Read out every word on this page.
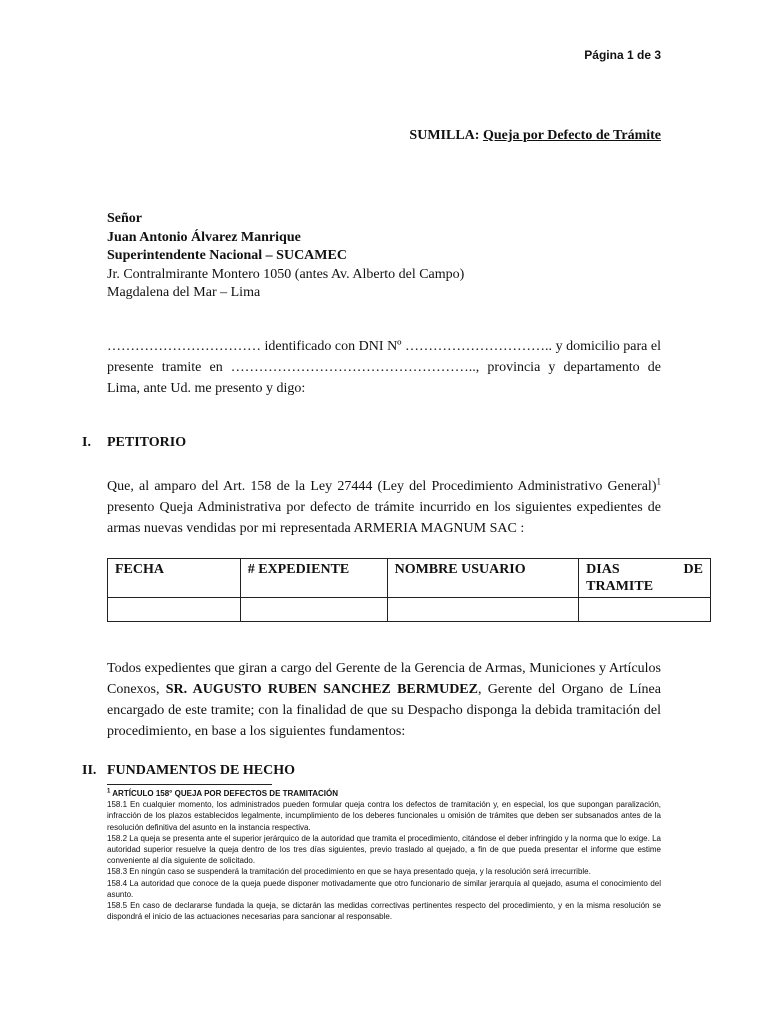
Página 1 de 3
SUMILLA: Queja por Defecto de Trámite
Señor
Juan Antonio Álvarez Manrique
Superintendente Nacional – SUCAMEC
Jr. Contralmirante Montero 1050 (antes Av. Alberto del Campo)
Magdalena del Mar – Lima
…………………………… identificado con DNI Nº ………………………….. y domicilio para el presente tramite en …………………………………………….., provincia y departamento de Lima, ante Ud. me presento y digo:
I. PETITORIO
Que, al amparo del Art. 158 de la Ley 27444 (Ley del Procedimiento Administrativo General)$^1$ presento Queja Administrativa por defecto de trámite incurrido en los siguientes expedientes de armas nuevas vendidas por mi representada ARMERIA MAGNUM SAC :
FECHA	# EXPEDIENTE	NOMBRE USUARIO	DIAS DE
TRAMITE

Todos expedientes que giran a cargo del Gerente de la Gerencia de Armas, Municiones y Artículos Conexos, SR. AUGUSTO RUBEN SANCHEZ BERMUDEZ, Gerente del Organo de Línea encargado de este tramite; con la finalidad de que su Despacho disponga la debida tramitación del procedimiento, en base a los siguientes fundamentos:
II. FUNDAMENTOS DE HECHO

$^1$ ARTÍCULO 158° QUEJA POR DEFECTOS DE TRAMITACIÓN

158.1 En cualquier momento, los administrados pueden formular queja contra los defectos de tramitación y, en especial, los que supongan paralización, infracción de los plazos establecidos legalmente, incumplimiento de los deberes funcionales u omisión de trámites que deben ser subsanados antes de la resolución definitiva del asunto en la instancia respectiva.

158.2 La queja se presenta ante el superior jerárquico de la autoridad que tramita el procedimiento, citándose el deber infringido y la norma que lo exige. La autoridad superior resuelve la queja dentro de los tres días siguientes, previo traslado al quejado, a fin de que pueda presentar el informe que estime conveniente al día siguiente de solicitado.

158.3 En ningún caso se suspenderá la tramitación del procedimiento en que se haya presentado queja, y la resolución será irrecurrible.

158.4 La autoridad que conoce de la queja puede disponer motivadamente que otro funcionario de similar jerarquía al quejado, asuma el conocimiento del asunto.

158.5 En caso de declararse fundada la queja, se dictarán las medidas correctivas pertinentes respecto del procedimiento, y en la misma resolución se dispondrá el inicio de las actuaciones necesarias para sancionar al responsable.
